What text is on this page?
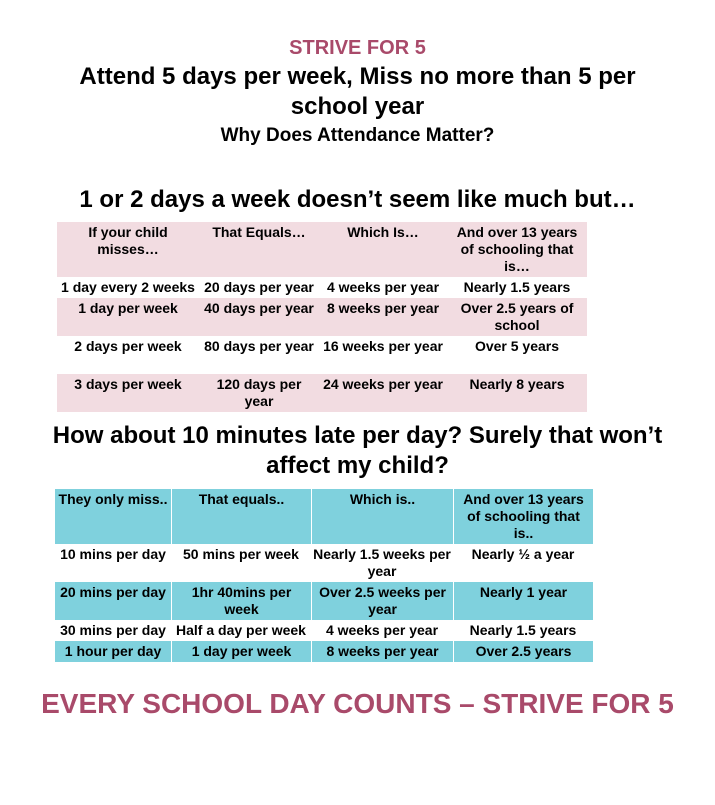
STRIVE FOR 5
Attend 5 days per week, Miss no more than 5 per school year
Why Does Attendance Matter?
1 or 2 days a week doesn’t seem like much but…
If your child misses…	That Equals…	Which Is…	And over 13 years of schooling that is…
1 day every 2 weeks	20 days per year	4 weeks per year	Nearly 1.5 years
1 day per week	40 days per year	8 weeks per year	Over 2.5 years of school
2 days per week	80 days per year	16 weeks per year	Over 5 years
3 days per week	120 days per year	24 weeks per year	Nearly 8 years
How about 10 minutes late per day? Surely that won’t affect my child?
They only miss..	That equals..	Which is..	And over 13 years of schooling that is..
10 mins per day	50 mins per week	Nearly 1.5 weeks per year	Nearly ½ a year
20 mins per day	1hr 40mins per week	Over 2.5 weeks per year	Nearly 1 year
30 mins per day	Half a day per week	4 weeks per year	Nearly 1.5 years
1 hour per day	1 day per week	8 weeks per year	Over 2.5 years
EVERY SCHOOL DAY COUNTS – STRIVE FOR 5
